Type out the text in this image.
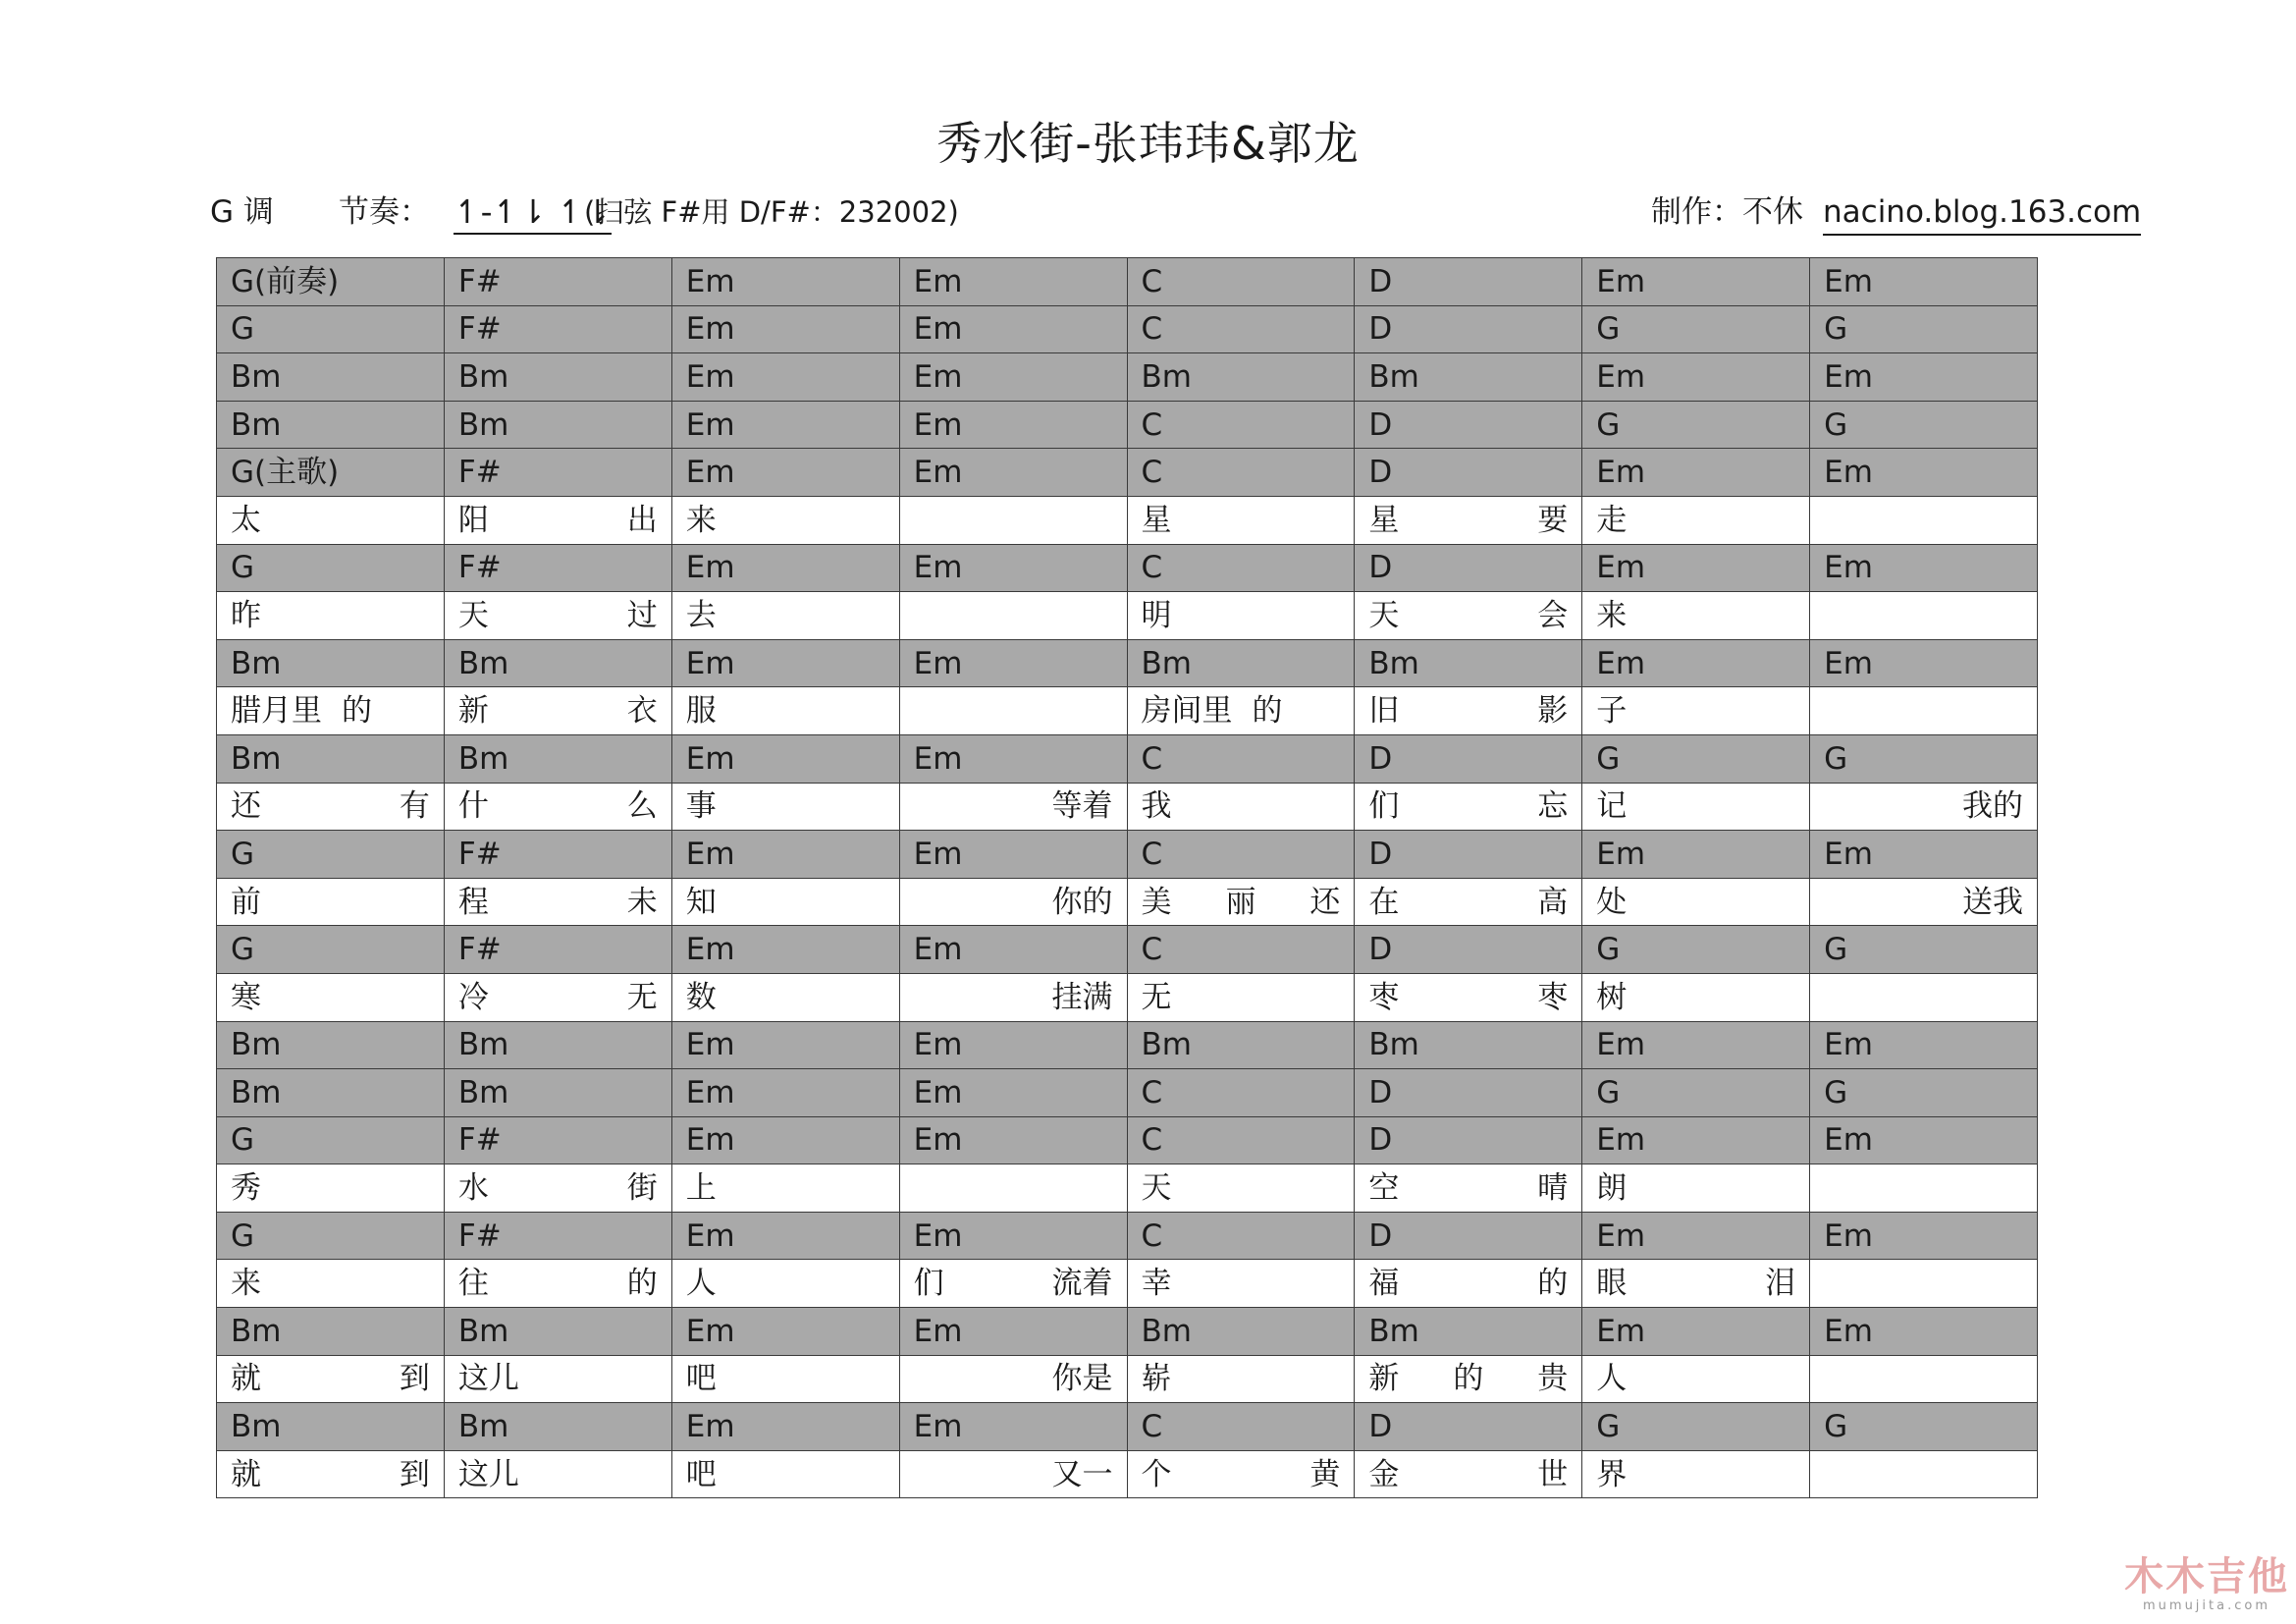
秀水街-张玮玮&郭龙
G 调 节奏： ↿-↿⇂ ↿⇂
(扫弦 F#用 D/F#：232002)	制作：不休 nacino.blog.163.com
G(前奏)	F#	Em	Em	C	D	Em	Em

G	F#	Em	Em	C	D	G	G

Bm	Bm	Em	Em	Bm	Bm	Em	Em

Bm	Bm	Em	Em	C	D	G	G

G(主歌)	F#	Em	Em	C	D	Em	Em

太	阳 出	来		星	星 要	走	

G	F#	Em	Em	C	D	Em	Em

昨	天 过	去		明	天 会	来	

Bm	Bm	Em	Em	Bm	Bm	Em	Em

腊月里 的	新 衣	服		房间里 的	旧 影	子	

Bm	Bm	Em	Em	C	D	G	G

还 有	什 么	事	等着	我	们 忘	记	我的

G	F#	Em	Em	C	D	Em	Em

前	程 未	知	你的	美 丽 还	在 高	处	送我

G	F#	Em	Em	C	D	G	G

寒	冷 无	数	挂满	无	枣 枣	树	

Bm	Bm	Em	Em	Bm	Bm	Em	Em

Bm	Bm	Em	Em	C	D	G	G

G	F#	Em	Em	C	D	Em	Em

秀	水 街	上		天	空 晴	朗	

G	F#	Em	Em	C	D	Em	Em

来	往 的	人	们 流着	幸	福 的	眼 泪	

Bm	Bm	Em	Em	Bm	Bm	Em	Em

就 到	这儿	吧	你是	崭	新 的 贵	人	

Bm	Bm	Em	Em	C	D	G	G

就 到	这儿	吧	又一	个 黄	金 世	界	

木木吉他
mumujita.com
